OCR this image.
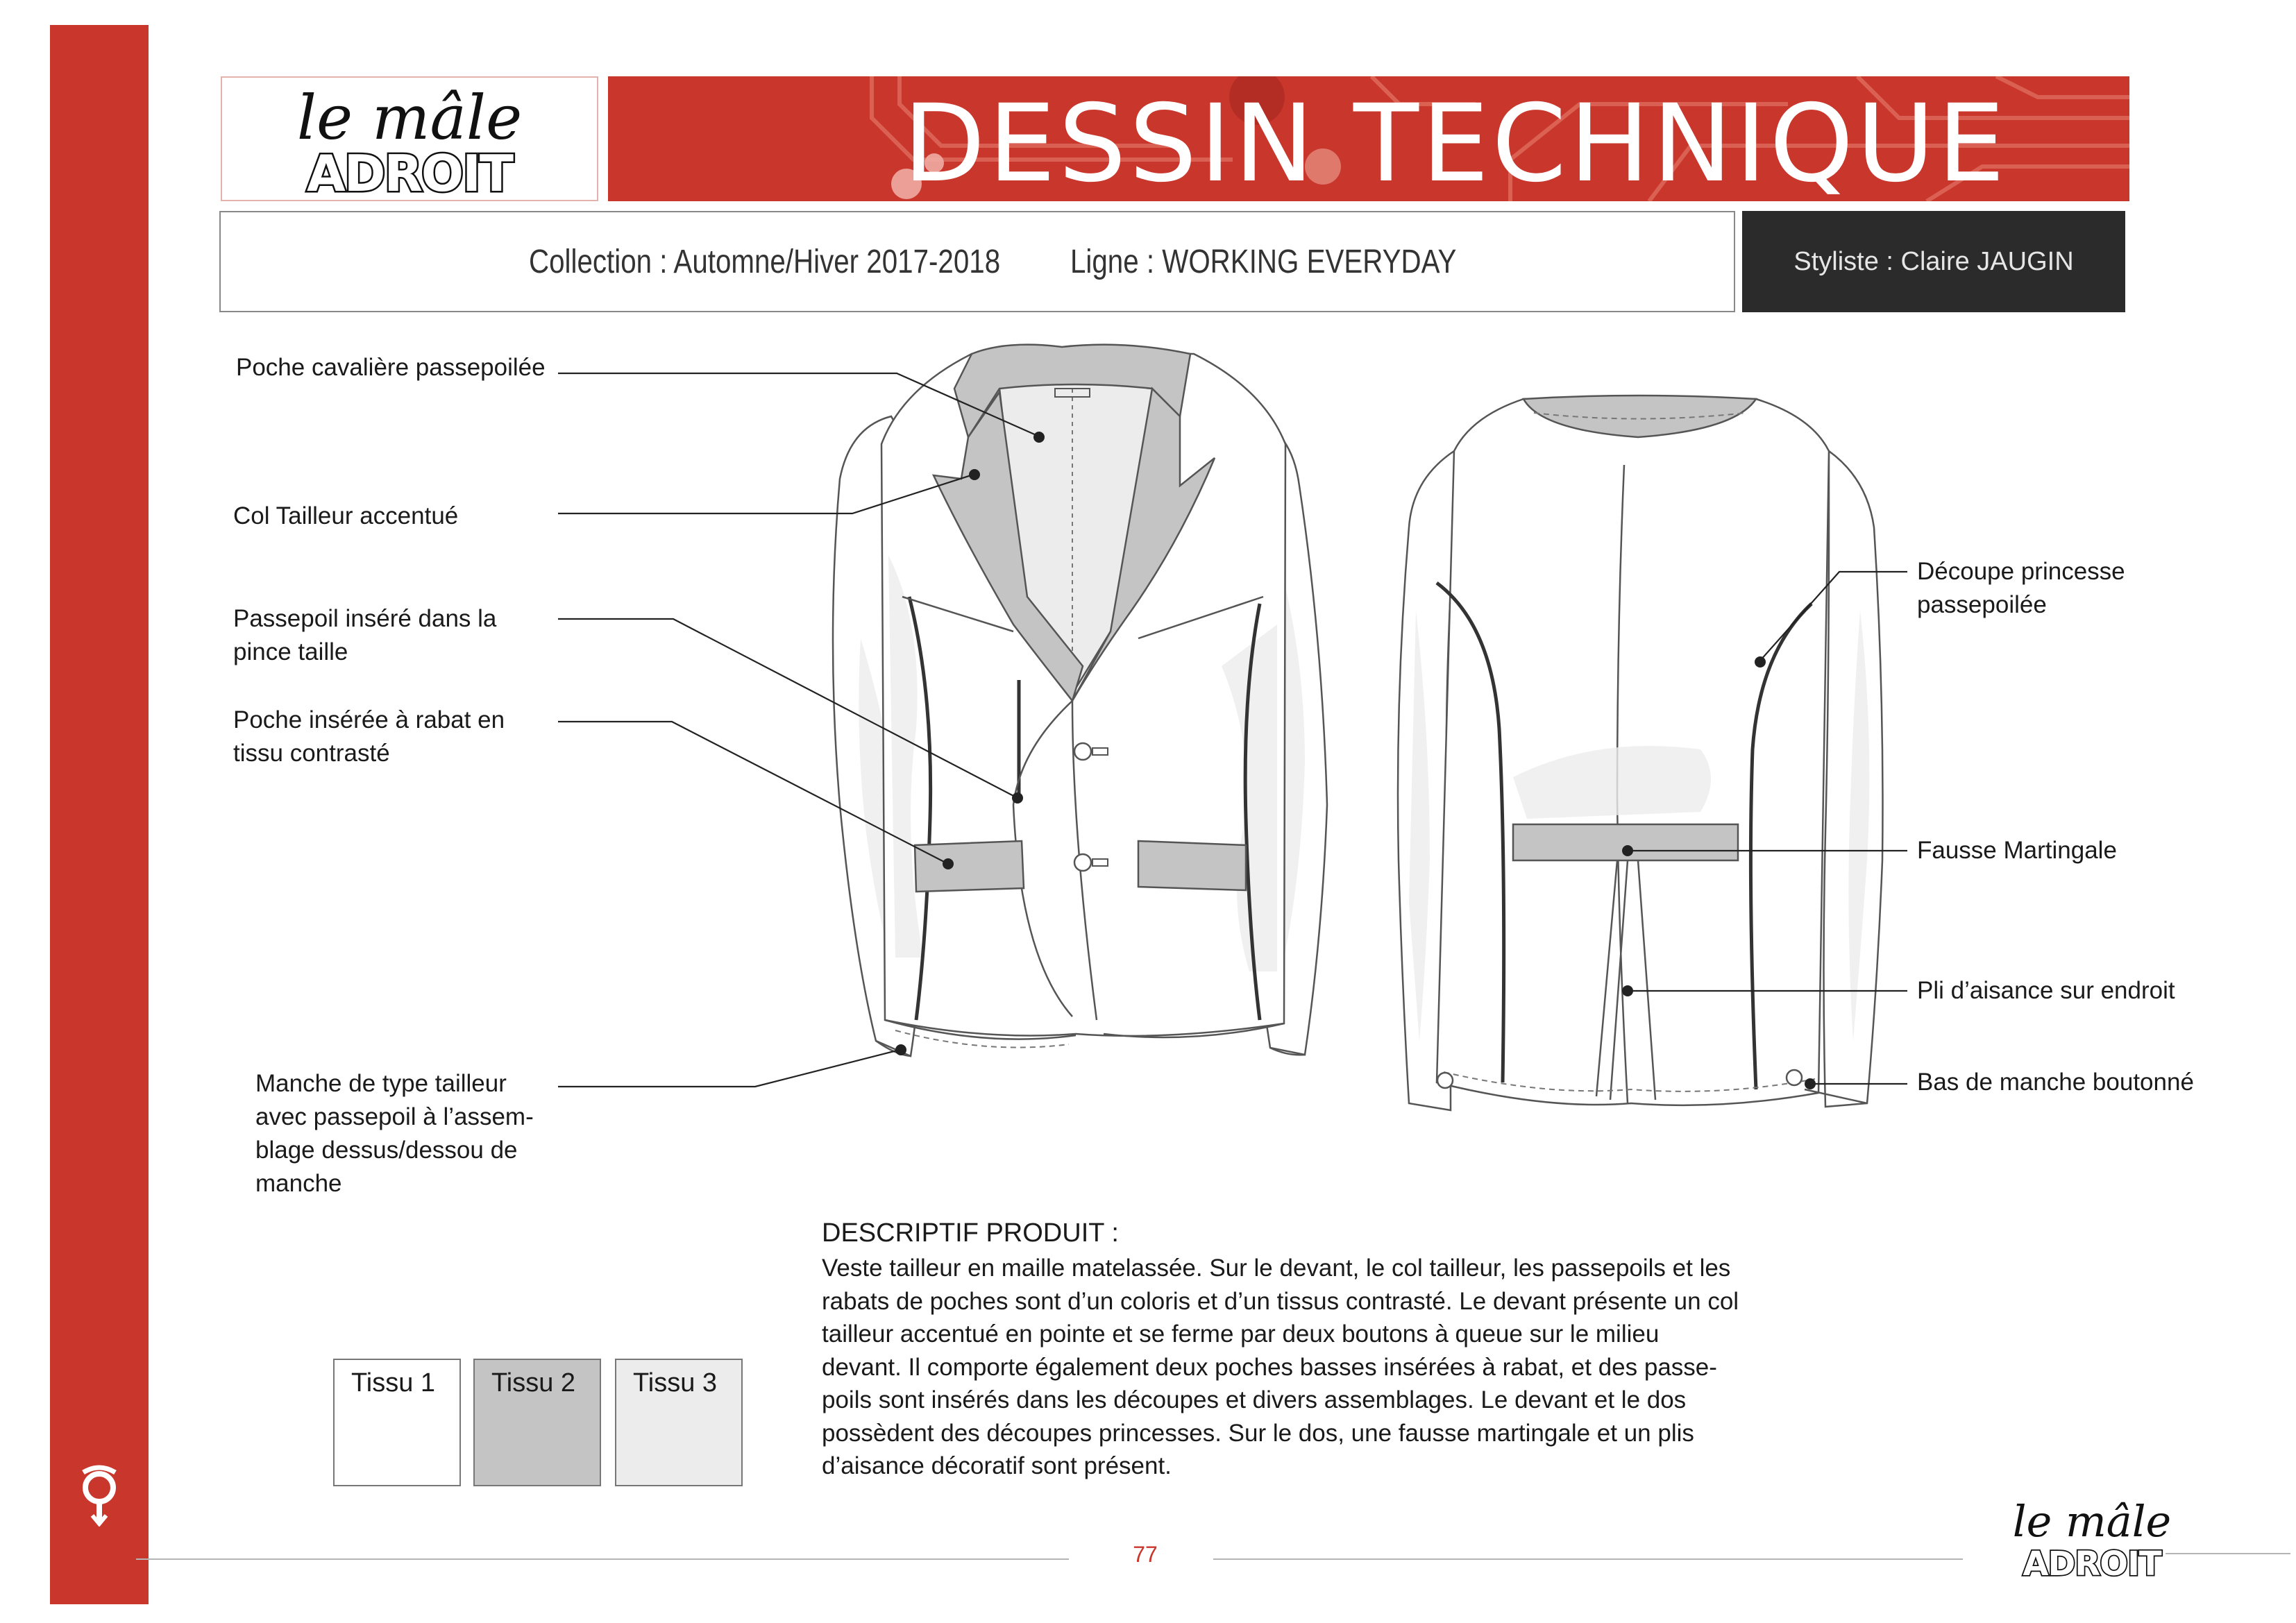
le mâle
ADROIT	DESSIN TECHNIQUE
Collection : Automne/Hiver 2017-2018 Ligne : WORKING EVERYDAY	Styliste : Claire JAUGIN
Poche cavalière passepoilée
Col Tailleur accentué
Passepoil inséré dans la
pince taille
Poche insérée à rabat en
tissu contrasté
Manche de type tailleur
avec passepoil à l’assem-
blage dessus/dessou de
manche
Découpe princesse
passepoilée
Fausse Martingale
Pli d’aisance sur endroit
Bas de manche boutonné
DESCRIPTIF PRODUIT :
Veste tailleur en maille matelassée. Sur le devant, le col tailleur, les passepoils et les
rabats de poches sont d’un coloris et d’un tissus contrasté. Le devant présente un col
tailleur accentué en pointe et se ferme par deux boutons à queue sur le milieu
devant. Il comporte également deux poches basses insérées à rabat, et des passe-
poils sont insérés dans les découpes et divers assemblages. Le devant et le dos
possèdent des découpes princesses. Sur le dos, une fausse martingale et un plis
d’aisance décoratif sont présent.
Tissu 1 Tissu 2 Tissu 3
77
le mâle
ADROIT
